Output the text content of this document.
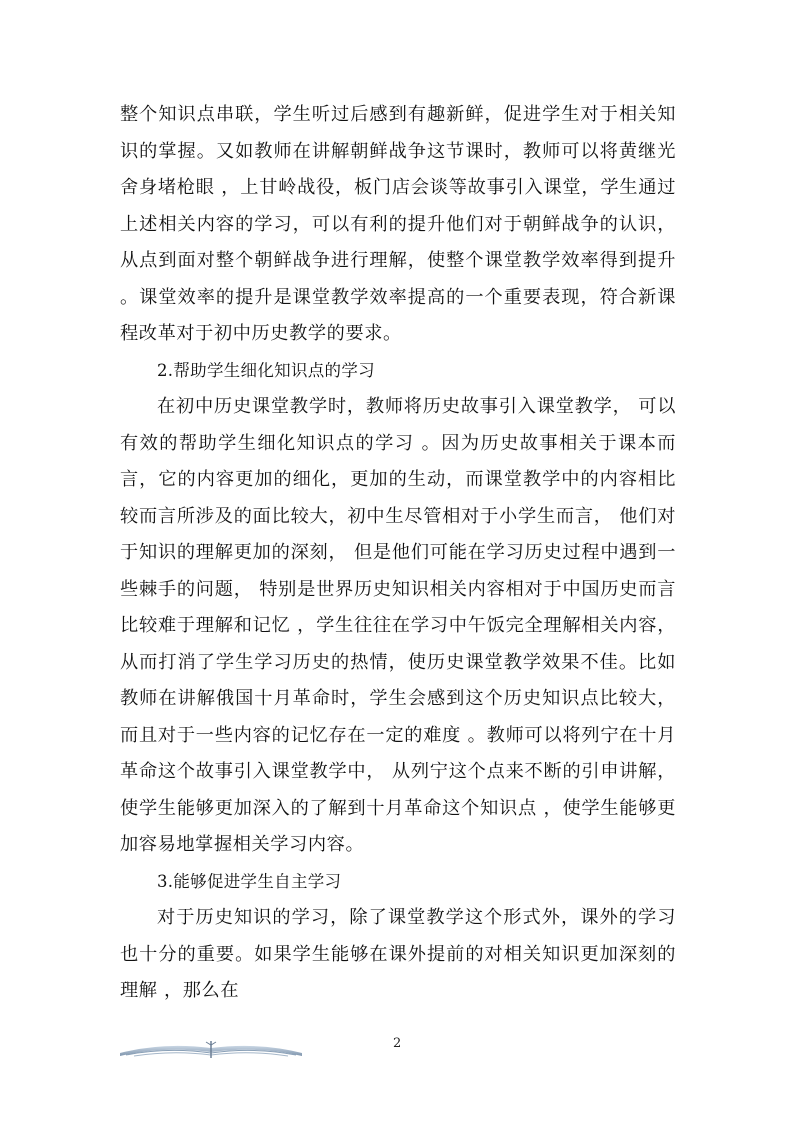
整个知识点串联，学生听过后感到有趣新鲜，促进学生对于相关知识的掌握。又如教师在讲解朝鲜战争这节课时，教师可以将黄继光舍身堵枪眼 ，上甘岭战役，板门店会谈等故事引入课堂，学生通过上述相关内容的学习，可以有利的提升他们对于朝鲜战争的认识，从点到面对整个朝鲜战争进行理解，使整个课堂教学效率得到提升 。课堂效率的提升是课堂教学效率提高的一个重要表现，符合新课程改革对于初中历史教学的要求。

2.帮助学生细化知识点的学习

在初中历史课堂教学时，教师将历史故事引入课堂教学， 可以有效的帮助学生细化知识点的学习 。因为历史故事相关于课本而言，它的内容更加的细化，更加的生动，而课堂教学中的内容相比较而言所涉及的面比较大，初中生尽管相对于小学生而言， 他们对于知识的理解更加的深刻， 但是他们可能在学习历史过程中遇到一些棘手的问题， 特别是世界历史知识相关内容相对于中国历史而言比较难于理解和记忆 ，学生往往在学习中午饭完全理解相关内容，从而打消了学生学习历史的热情，使历史课堂教学效果不佳。比如教师在讲解俄国十月革命时，学生会感到这个历史知识点比较大，而且对于一些内容的记忆存在一定的难度 。教师可以将列宁在十月革命这个故事引入课堂教学中， 从列宁这个点来不断的引申讲解，使学生能够更加深入的了解到十月革命这个知识点 ，使学生能够更加容易地掌握相关学习内容。

3.能够促进学生自主学习

对于历史知识的学习，除了课堂教学这个形式外，课外的学习也十分的重要。如果学生能够在课外提前的对相关知识更加深刻的理解 ，那么在

2
